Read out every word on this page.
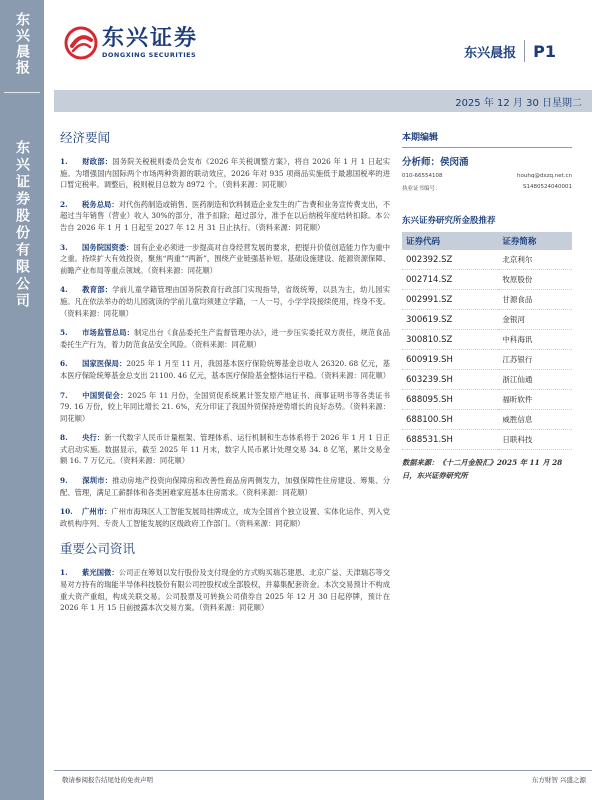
东兴晨报
东兴证券股份有限公司
东兴证券
DONGXING SECURITIES	东兴晨报 P1
2025 年 12 月 30 日星期二
经济要闻
1. 财政部：国务院关税税则委员会发布《2026 年关税调整方案》，将自 2026 年 1 月 1 日起实施。为增强国内国际两个市场两种资源的联动效应，2026 年对 935 项商品实施低于最惠国税率的进口暂定税率。调整后，税则税目总数为 8972 个。（资料来源：同花顺）
2. 税务总局：对代伤药制造或销售、医药制造和饮料制造企业发生的广告费和业务宣传费支出，不超过当年销售（营业）收入 30%的部分，准予扣除；超过部分，准予在以后纳税年度结转扣除。本公告自 2026 年 1 月 1 日起至 2027 年 12 月 31 日止执行。（资料来源：同花顺）
3. 国务院国资委：国有企业必须进一步提高对自身经营发展的要求，把提升价值创造能力作为重中之重。持续扩大有效投资，聚焦“两重”“两新”，围绕产业链强基补短、基础设施建设、能源资源保障、前瞻产业布局等重点领域。（资料来源：同花顺）
4. 教育部：学前儿童学籍管理由国务院教育行政部门实现指导，省级统筹，以县为主，幼儿园实施。凡在依法举办的幼儿园就读的学前儿童均须建立学籍，一人一号，小学学段接续使用，终身不变。（资料来源：同花顺）
5. 市场监管总局：制定出台《食品委托生产监督管理办法》，进一步压实委托双方责任，规范食品委托生产行为，着力防范食品安全风险。（资料来源：同花顺）
6. 国家医保局：2025 年 1 月至 11 月，我国基本医疗保险统筹基金总收入 26320. 68 亿元，基本医疗保险统筹基金总支出 21100. 46 亿元，基本医疗保险基金整体运行平稳。（资料来源：同花顺）
7. 中国贸促会：2025 年 11 月份，全国贸促系统累计签发原产地证书、商事证明书等各类证书 79. 16 万份，较上年同比增长 21. 6%，充分印证了我国外贸保持逆势增长的良好态势。（资料来源：同花顺）
8. 央行：新一代数字人民币计量框架、管理体系、运行机制和生态体系将于 2026 年 1 月 1 日正式启动实施。数据显示，截至 2025 年 11 月末，数字人民币累计处理交易 34. 8 亿笔，累计交易金额 16. 7 万亿元。（资料来源：同花顺）
9. 深圳市：推动房地产投资向保障房和改善性商品房两侧发力，加强保障性住房建设、筹集、分配、管理，满足工薪群体和各类困难家庭基本住房需求。（资料来源：同花顺）
10. 广州市：广州市海珠区人工智能发展局挂牌成立，成为全国首个独立设置、实体化运作、列入党政机构序列、专责人工智能发展的区级政府工作部门。（资料来源：同花顺）
重要公司资讯
1. 紫光国微：公司正在筹划以发行股份及支付现金的方式购买瑞芯建恩、北京广益、天津瑞芯等交易对方持有的瑞能半导体科技股份有限公司控股权或全部股权，并募集配套资金。本次交易预计不构成重大资产重组，构成关联交易。公司股票及可转换公司债券自 2025 年 12 月 30 日起停牌，预计在 2026 年 1 月 15 日前披露本次交易方案。（资料来源：同花顺）
本期编辑
分析师：侯闵涌
010-66554108	houhq@dxzq.net.cn
执业证书编号：	S1480524040001
东兴证券研究所金股推荐
证券代码	证券简称
002392.SZ	北京利尔
002714.SZ	牧原股份
002991.SZ	甘源食品
300619.SZ	金银河
300810.SZ	中科海讯
600919.SH	江苏银行
603239.SH	浙江仙通
688095.SH	福昕软件
688100.SH	威胜信息
688531.SH	日联科技
数据来源：《十二月金股汇》2025 年 11 月 28 日，东兴证券研究所
敬请参阅报告结尾处的免责声明	东方财智 兴盛之源
